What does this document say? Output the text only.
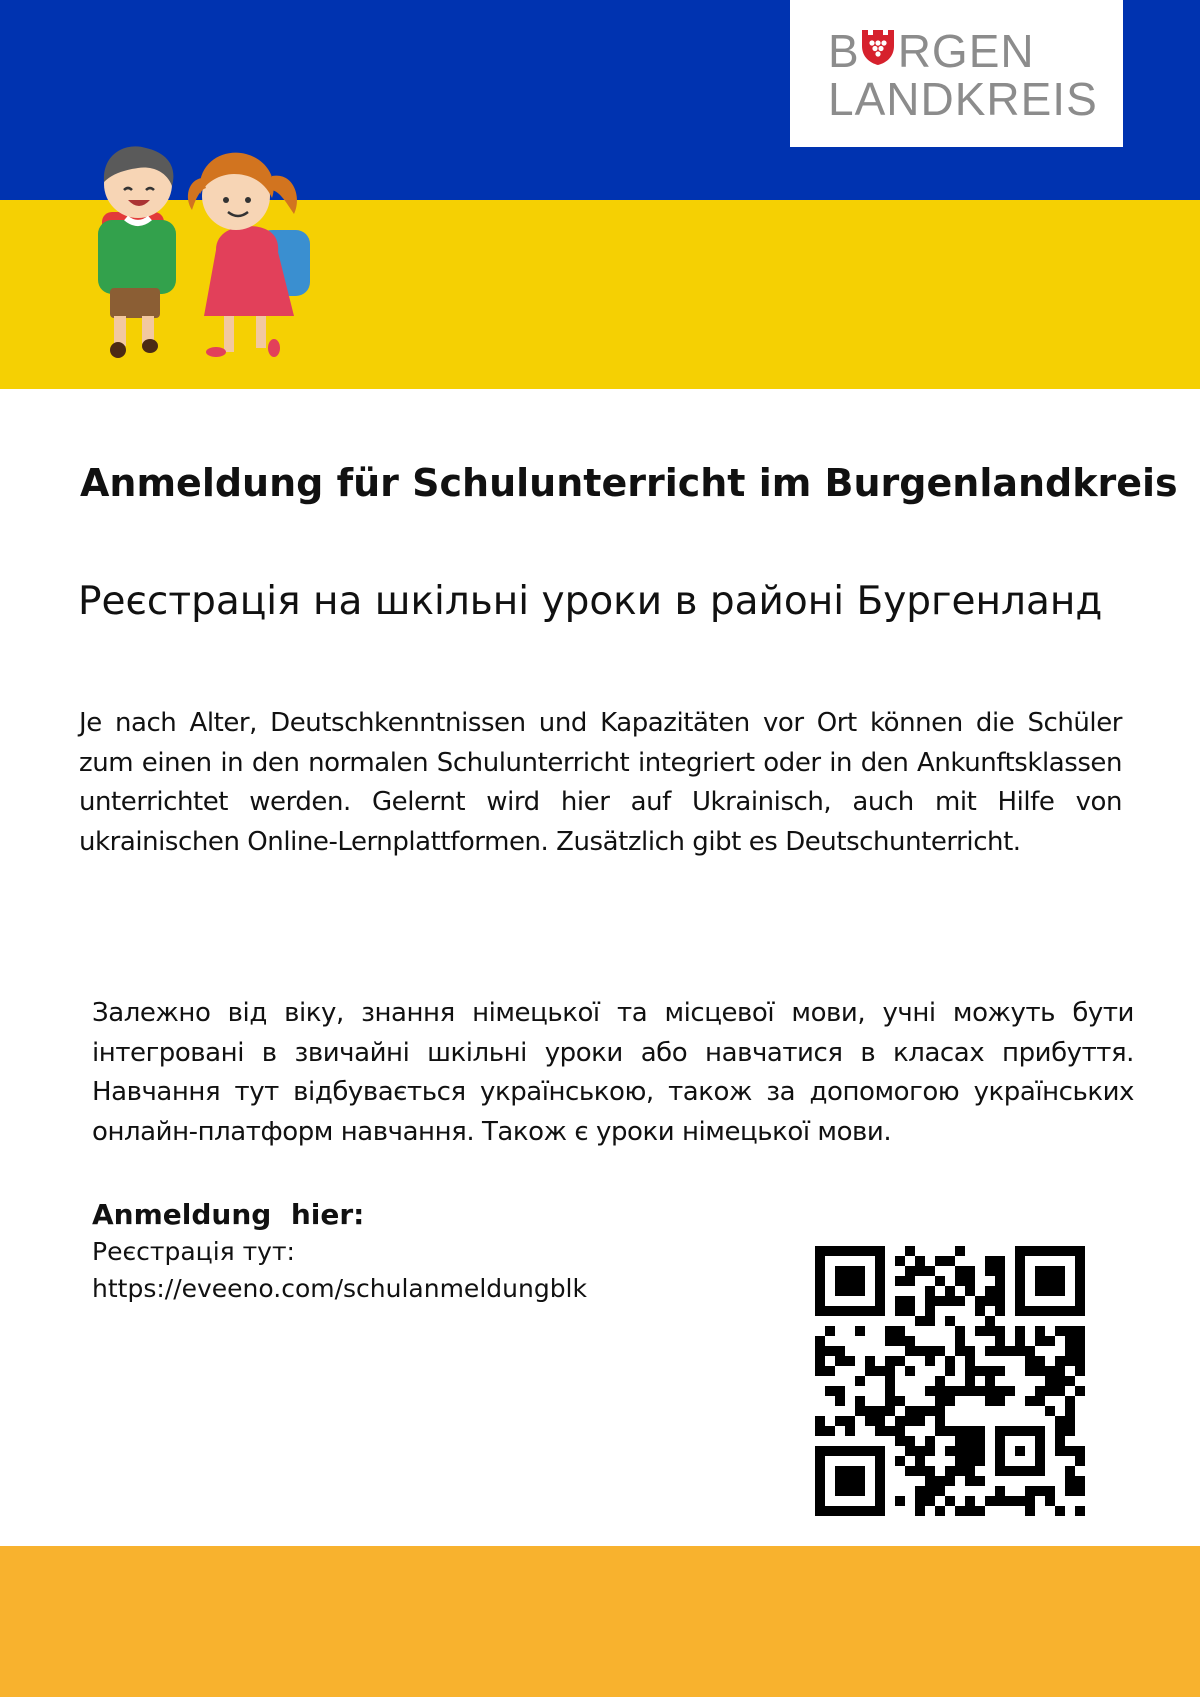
B RGEN
LANDKREIS
Anmeldung für Schulunterricht im Burgenlandkreis
Реєстрація на шкільні уроки в районі Бургенланд
Je nach Alter, Deutschkenntnissen und Kapazitäten vor Ort können die Schüler zum einen in den normalen Schulunterricht integriert oder in den Ankunftsklassen unterrichtet werden. Gelernt wird hier auf Ukrainisch, auch mit Hilfe von ukrainischen Online-Lernplattformen. Zusätzlich gibt es Deutschunterricht.
Залежно від віку, знання німецької та місцевої мови, учні можуть бути інтегровані в звичайні шкільні уроки або навчатися в класах прибуття. Навчання тут відбувається українською, також за допомогою українських онлайн-платформ навчання. Також є уроки німецької мови.
Anmeldung  hier:
Реєстрація тут:
https://eveeno.com/schulanmeldungblk
